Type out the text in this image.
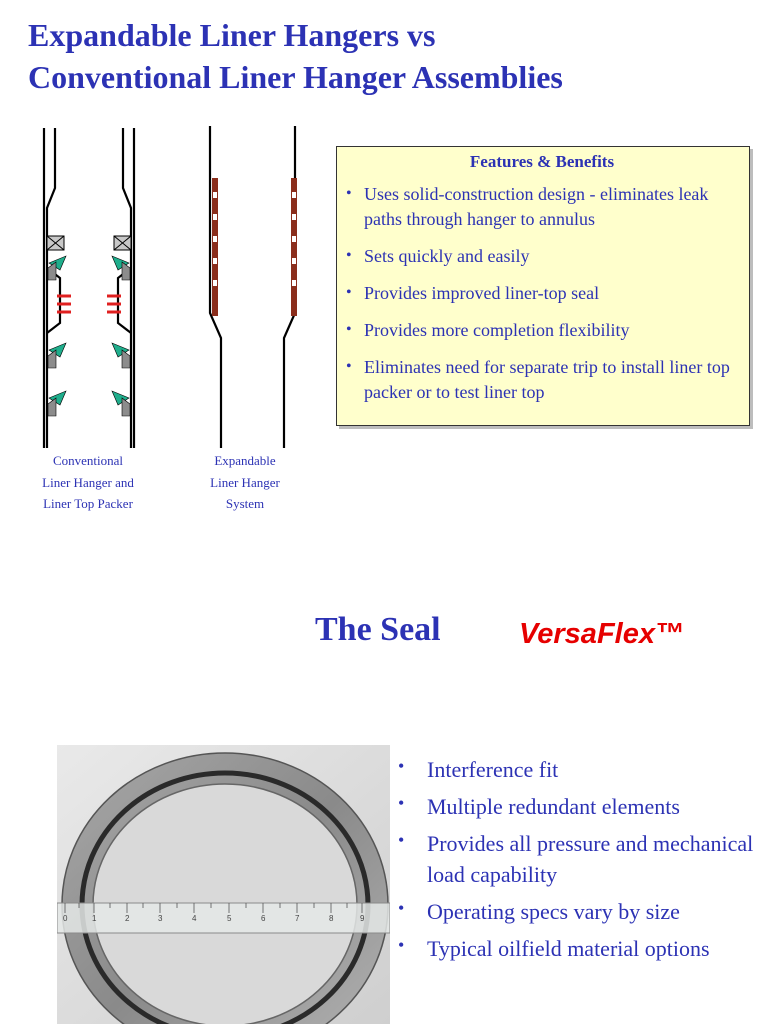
Expandable Liner Hangers vs
Conventional Liner Hanger Assemblies
Conventional
Liner Hanger and
Liner Top Packer
Expandable
Liner Hanger
System
Features & Benefits
• Uses solid-construction design - eliminates leak paths through hanger to annulus
• Sets quickly and easily
• Provides improved liner-top seal
• Provides more completion flexibility
• Eliminates need for separate trip to install liner top packer or to test liner top
The Seal	VersaFlex™
0	1	2	3	4	5	6	7	8	9
• Interference fit
• Multiple redundant elements
• Provides all pressure and mechanical load capability
• Operating specs vary by size
• Typical oilfield material options
